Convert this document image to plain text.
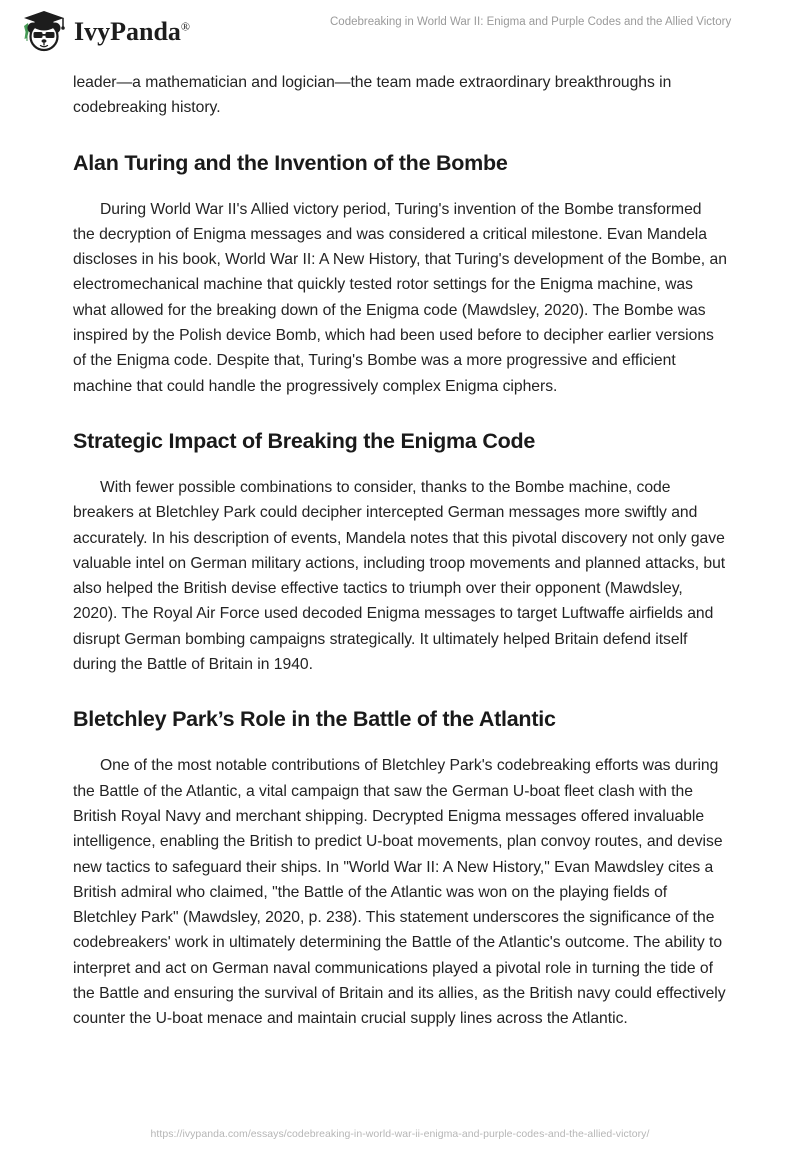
IvyPanda®	Codebreaking in World War II: Enigma and Purple Codes and the Allied Victory

leader—a mathematician and logician—the team made extraordinary breakthroughs in codebreaking history.

Alan Turing and the Invention of the Bombe

During World War II's Allied victory period, Turing's invention of the Bombe transformed the decryption of Enigma messages and was considered a critical milestone. Evan Mandela discloses in his book, World War II: A New History, that Turing's development of the Bombe, an electromechanical machine that quickly tested rotor settings for the Enigma machine, was what allowed for the breaking down of the Enigma code (Mawdsley, 2020). The Bombe was inspired by the Polish device Bomb, which had been used before to decipher earlier versions of the Enigma code. Despite that, Turing's Bombe was a more progressive and efficient machine that could handle the progressively complex Enigma ciphers.

Strategic Impact of Breaking the Enigma Code

With fewer possible combinations to consider, thanks to the Bombe machine, code breakers at Bletchley Park could decipher intercepted German messages more swiftly and accurately. In his description of events, Mandela notes that this pivotal discovery not only gave valuable intel on German military actions, including troop movements and planned attacks, but also helped the British devise effective tactics to triumph over their opponent (Mawdsley, 2020). The Royal Air Force used decoded Enigma messages to target Luftwaffe airfields and disrupt German bombing campaigns strategically. It ultimately helped Britain defend itself during the Battle of Britain in 1940.

Bletchley Park’s Role in the Battle of the Atlantic

One of the most notable contributions of Bletchley Park's codebreaking efforts was during the Battle of the Atlantic, a vital campaign that saw the German U-boat fleet clash with the British Royal Navy and merchant shipping. Decrypted Enigma messages offered invaluable intelligence, enabling the British to predict U-boat movements, plan convoy routes, and devise new tactics to safeguard their ships. In "World War II: A New History," Evan Mawdsley cites a British admiral who claimed, "the Battle of the Atlantic was won on the playing fields of Bletchley Park" (Mawdsley, 2020, p. 238). This statement underscores the significance of the codebreakers' work in ultimately determining the Battle of the Atlantic's outcome. The ability to interpret and act on German naval communications played a pivotal role in turning the tide of the Battle and ensuring the survival of Britain and its allies, as the British navy could effectively counter the U-boat menace and maintain crucial supply lines across the Atlantic.

https://ivypanda.com/essays/codebreaking-in-world-war-ii-enigma-and-purple-codes-and-the-allied-victory/
